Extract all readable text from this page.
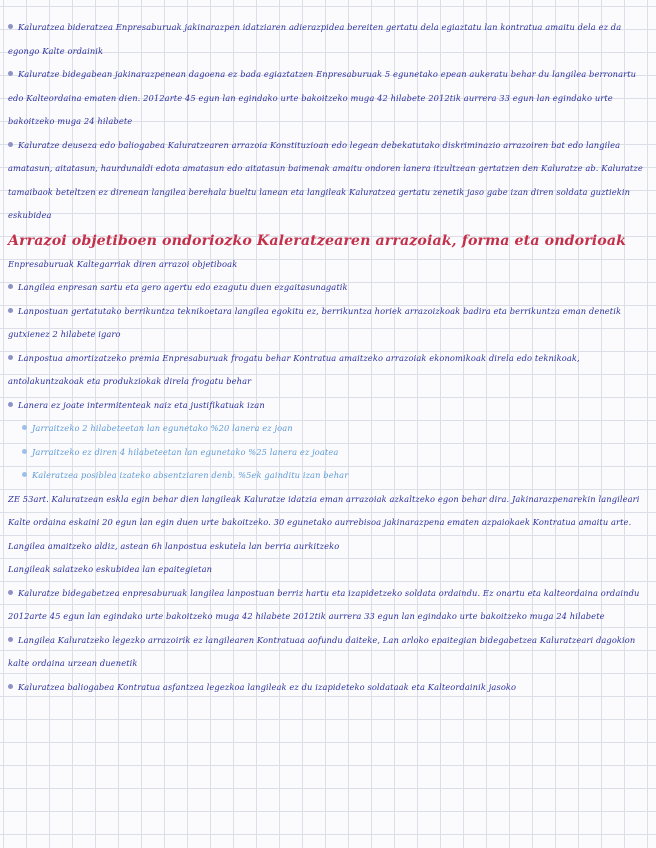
Kaluratzea bideratzea Enpresaburuak jakinarazpen idatziaren adierazpidea bereiten gertatu dela egiaztatu lan kontratua amaitu dela ez da egongo Kalte ordainik

Kaluratze bidegabean jakinarazpenean dagoena ez bada egiaztatzen Enpresaburuak 5 egunetako epean aukeratu behar du langilea berronartu edo Kalteordaina ematen dien. 2012arte 45 egun lan egindako urte bakoitzeko muga 42 hilabete 2012tik aurrera 33 egun lan egindako urte bakoitzeko muga 24 hilabete

Kaluratze deuseza edo baliogabea Kaluratzearen arrazoia Konstituzioan edo legean debekatutako diskriminazio arrazoiren bat edo langilea amatasun, aitatasun, haurdunaldi edota amatasun edo aitatasun baimenak amaitu ondoren lanera itzultzean gertatzen den Kaluratze ab. Kaluratze tamaibaok beteltzen ez direnean langilea berehala bueltu lanean eta langileak Kaluratzea gertatu zenetik jaso gabe izan diren soldata guztiekin eskubidea

Arrazoi objetiboen ondoriozko Kaleratzearen arrazoiak, forma eta ondorioak

Enpresaburuak Kaltegarriak diren arrazoi objetiboak

Langilea enpresan sartu eta gero agertu edo ezagutu duen ezgaitasunagatik

Lanpostuan gertatutako berrikuntza teknikoetara langilea egokitu ez, berrikuntza horiek arrazoizkoak badira eta berrikuntza eman denetik gutxienez 2 hilabete igaro

Lanpostua amortizatzeko premia Enpresaburuak frogatu behar Kontratua amaitzeko arrazoiak ekonomikoak direla edo teknikoak, antolakuntzakoak eta produkziokak direla frogatu behar

Lanera ez joate intermitenteak naiz eta justifikatuak izan

Jarraitzeko 2 hilabeteetan lan egunetako %20 lanera ez joan

Jarraitzeko ez diren 4 hilabeteetan lan egunetako %25 lanera ez joatea

Kaleratzea posiblea izateko absentziaren denb. %5ek gainditu izan behar

ZE 53art. Kaluratzean eskla egin behar dien langileak Kaluratze idatzia eman arrazoiak azkaltzeko egon behar dira. Jakinarazpenarekin langileari Kalte ordaina eskaini 20 egun lan egin duen urte bakoitzeko. 30 egunetako aurrebisoa jakinarazpena ematen azpaiokaek Kontratua amaitu arte. Langilea amaitzeko aldiz, astean 6h lanpostua eskutela lan berria aurkitzeko

Langileak salatzeko eskubidea lan epaitegietan

Kaluratze bidegabetzea enpresaburuak langilea lanpostuan berriz hartu eta izapidetzeko soldata ordaindu. Ez onartu eta kalteordaina ordaindu 2012arte 45 egun lan egindako urte bakoitzeko muga 42 hilabete 2012tik aurrera 33 egun lan egindako urte bakoitzeko muga 24 hilabete

Langilea Kaluratzeko legezko arrazoirik ez langilearen Kontratuaa aofundu daiteke, Lan arloko epaitegian bidegabetzea Kaluratzeari dagokion kalte ordaina urzean duenetik

Kaluratzea baliogabea Kontratua asfantzea legezkoa langileak ez du izapideteko soldataak eta Kalteordainik jasoko
